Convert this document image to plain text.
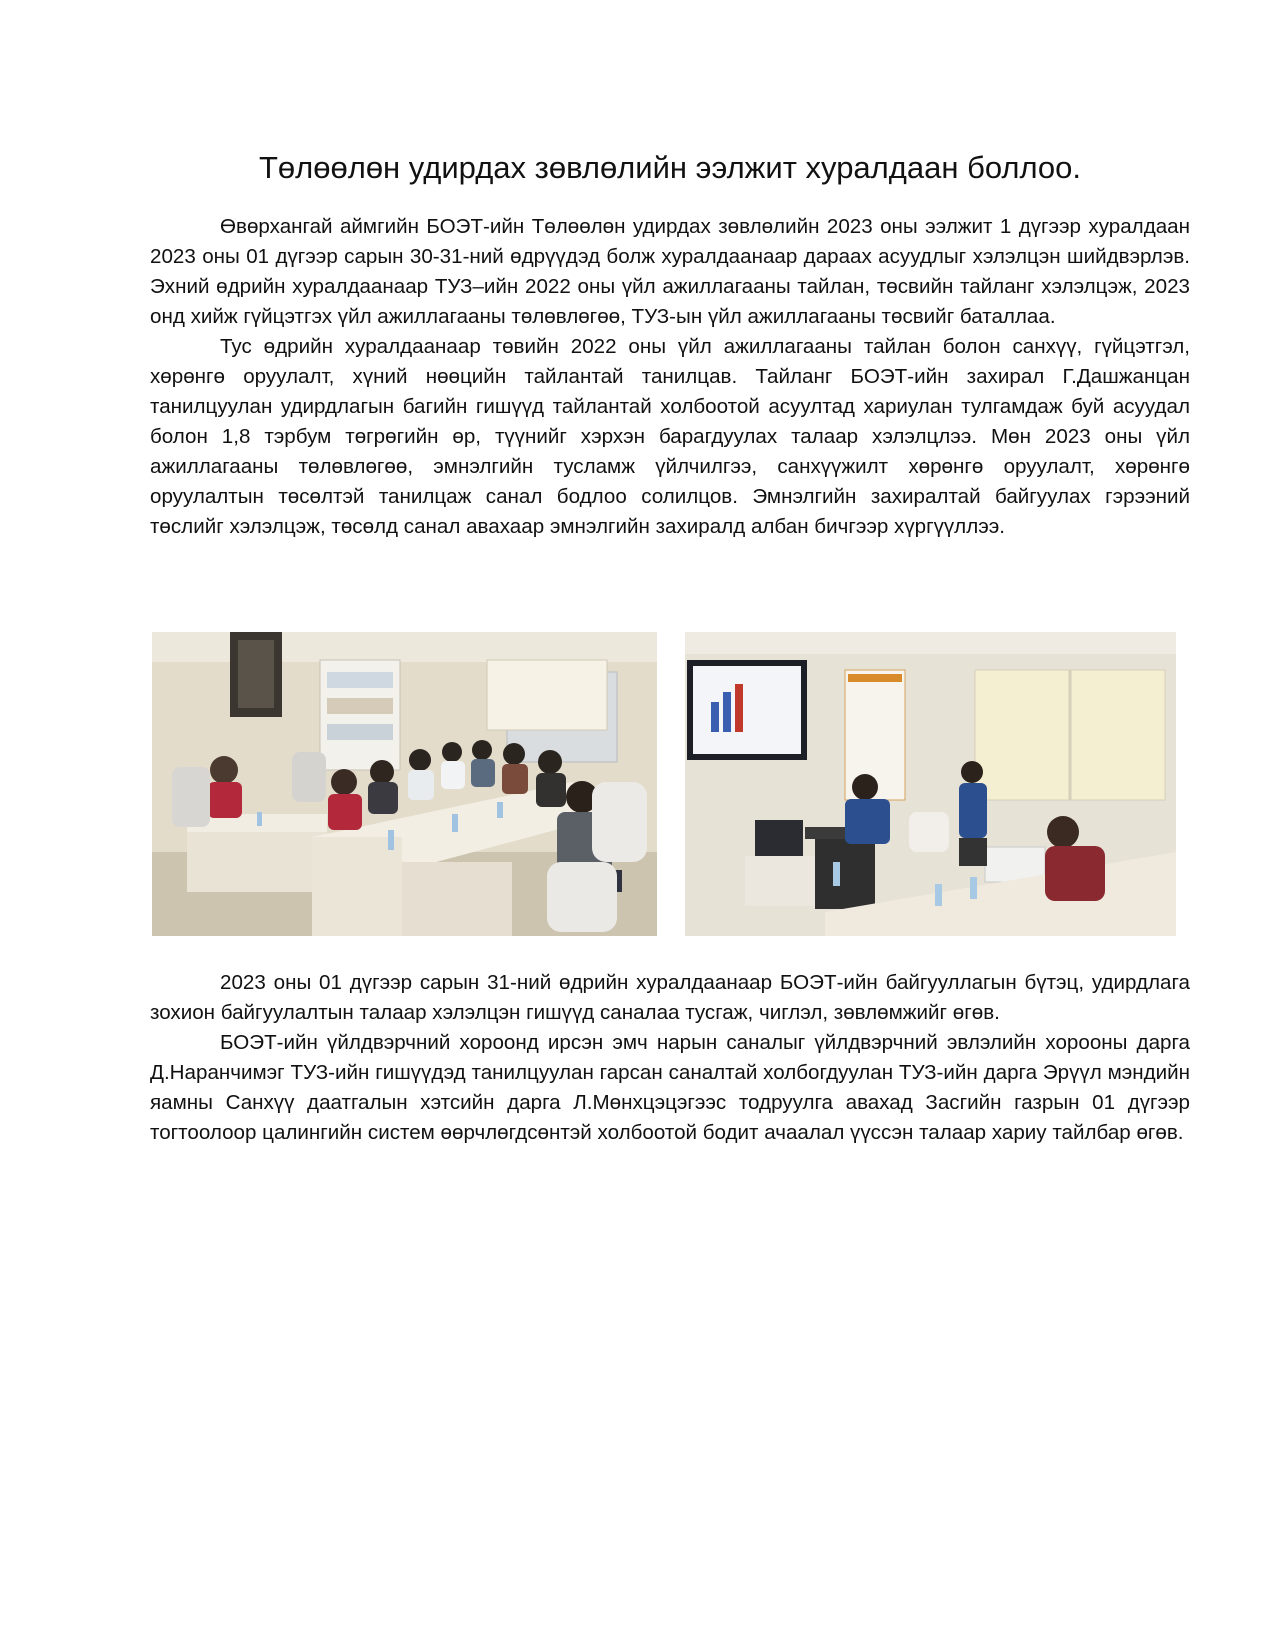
Төлөөлөн удирдах зөвлөлийн ээлжит хуралдаан боллоо.

Өвөрхангай аймгийн БОЭТ-ийн Төлөөлөн удирдах зөвлөлийн 2023 оны ээлжит 1 дүгээр хуралдаан 2023 оны 01 дүгээр сарын 30-31-ний өдрүүдэд болж хуралдаанаар дараах асуудлыг хэлэлцэн шийдвэрлэв. Эхний өдрийн хуралдаанаар ТУЗ–ийн 2022 оны үйл ажиллагааны тайлан, төсвийн тайланг хэлэлцэж, 2023 онд хийж гүйцэтгэх үйл ажиллагааны төлөвлөгөө, ТУЗ-ын үйл ажиллагааны төсвийг баталлаа.

Тус өдрийн хуралдаанаар төвийн 2022 оны үйл ажиллагааны тайлан болон санхүү, гүйцэтгэл, хөрөнгө оруулалт, хүний нөөцийн тайлантай танилцав. Тайланг БОЭТ-ийн захирал Г.Дашжанцан танилцуулан удирдлагын багийн гишүүд тайлантай холбоотой асуултад хариулан тулгамдаж буй асуудал болон 1,8 тэрбум төгрөгийн өр, түүнийг хэрхэн барагдуулах талаар хэлэлцлээ. Мөн 2023 оны үйл ажиллагааны төлөвлөгөө, эмнэлгийн тусламж үйлчилгээ, санхүүжилт хөрөнгө оруулалт, хөрөнгө оруулалтын төсөлтэй танилцаж санал бодлоо солилцов. Эмнэлгийн захиралтай байгуулах гэрээний төслийг хэлэлцэж, төсөлд санал авахаар эмнэлгийн захиралд албан бичгээр хүргүүллээ.

2023 оны 01 дүгээр сарын 31-ний өдрийн хуралдаанаар БОЭТ-ийн байгууллагын бүтэц, удирдлага зохион байгуулалтын талаар хэлэлцэн гишүүд саналаа тусгаж, чиглэл, зөвлөмжийг өгөв.

БОЭТ-ийн үйлдвэрчний хороонд ирсэн эмч нарын саналыг үйлдвэрчний эвлэлийн хорооны дарга Д.Наранчимэг ТУЗ-ийн гишүүдэд танилцуулан гарсан саналтай холбогдуулан ТУЗ-ийн дарга Эрүүл мэндийн яамны Санхүү даатгалын хэтсийн дарга Л.Мөнхцэцэгээс тодруулга авахад Засгийн газрын 01 дүгээр тогтоолоор цалингийн систем өөрчлөгдсөнтэй холбоотой бодит ачаалал үүссэн талаар хариу тайлбар өгөв.
